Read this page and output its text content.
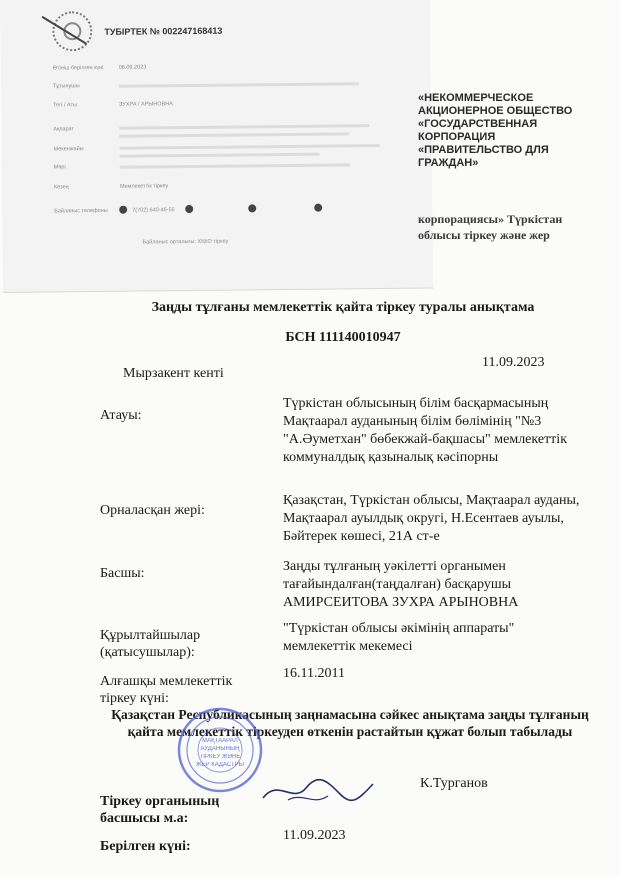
ТУБІРТЕК № 002247168413
Өтініш берілген күні	06.09.2023
Тұтынушы
Тегі / Аты	ЗУХРА / АРЫНОВНА
Ақпарат
Мекенжайы
Мөрі
Кезең	Мемлекеттік тіркеу
Байланыс телефоны	7(702) 640-46-55
Байланыс орталығы: ХҚКО тіркеу
«НЕКОММЕРЧЕСКОЕ АКЦИОНЕРНОЕ ОБЩЕСТВО «ГОСУДАРСТВЕННАЯ КОРПОРАЦИЯ «ПРАВИТЕЛЬСТВО ДЛЯ ГРАЖДАН»
корпорациясы» Түркістан облысы тіркеу және жер
Заңды тұлғаны мемлекеттік қайта тіркеу туралы анықтама
БСН 111140010947
Мырзакент кенті
11.09.2023
Атауы:
Түркістан облысының білім басқармасының Мақтаарал ауданының білім бөлімінің "№3 "А.Әуметхан" бөбекжай-бақшасы" мемлекеттік коммуналдық қазыналық кәсіпорны
Орналасқан жері:
Қазақстан, Түркістан облысы, Мақтаарал ауданы, Мақтаарал ауылдық округі, Н.Есентаев ауылы, Бәйтерек көшесі, 21А ст-е
Басшы:	Заңды тұлғаның уәкілетті органымен тағайындалған(таңдалған) басқарушы АМИРСЕИТОВА ЗУХРА АРЫНОВНА
Құрылтайшылар (қатысушылар):
"Түркістан облысы әкімінің аппараты" мемлекеттік мекемесі
Алғашқы мемлекеттік тіркеу күні:
16.11.2011
Қазақстан Республикасының заңнамасына сәйкес анықтама заңды тұлғаның қайта мемлекеттік тіркеуден өткенін растайтын құжат болып табылады
МАҚТААРАЛ
АУДАНЫНЫҢ
ТІРКЕУ ЖӘНЕ
ЖЕР КАДАСТРЫ
К.Турганов
Тіркеу органының басшысы м.а:
Берілген күні:
11.09.2023
